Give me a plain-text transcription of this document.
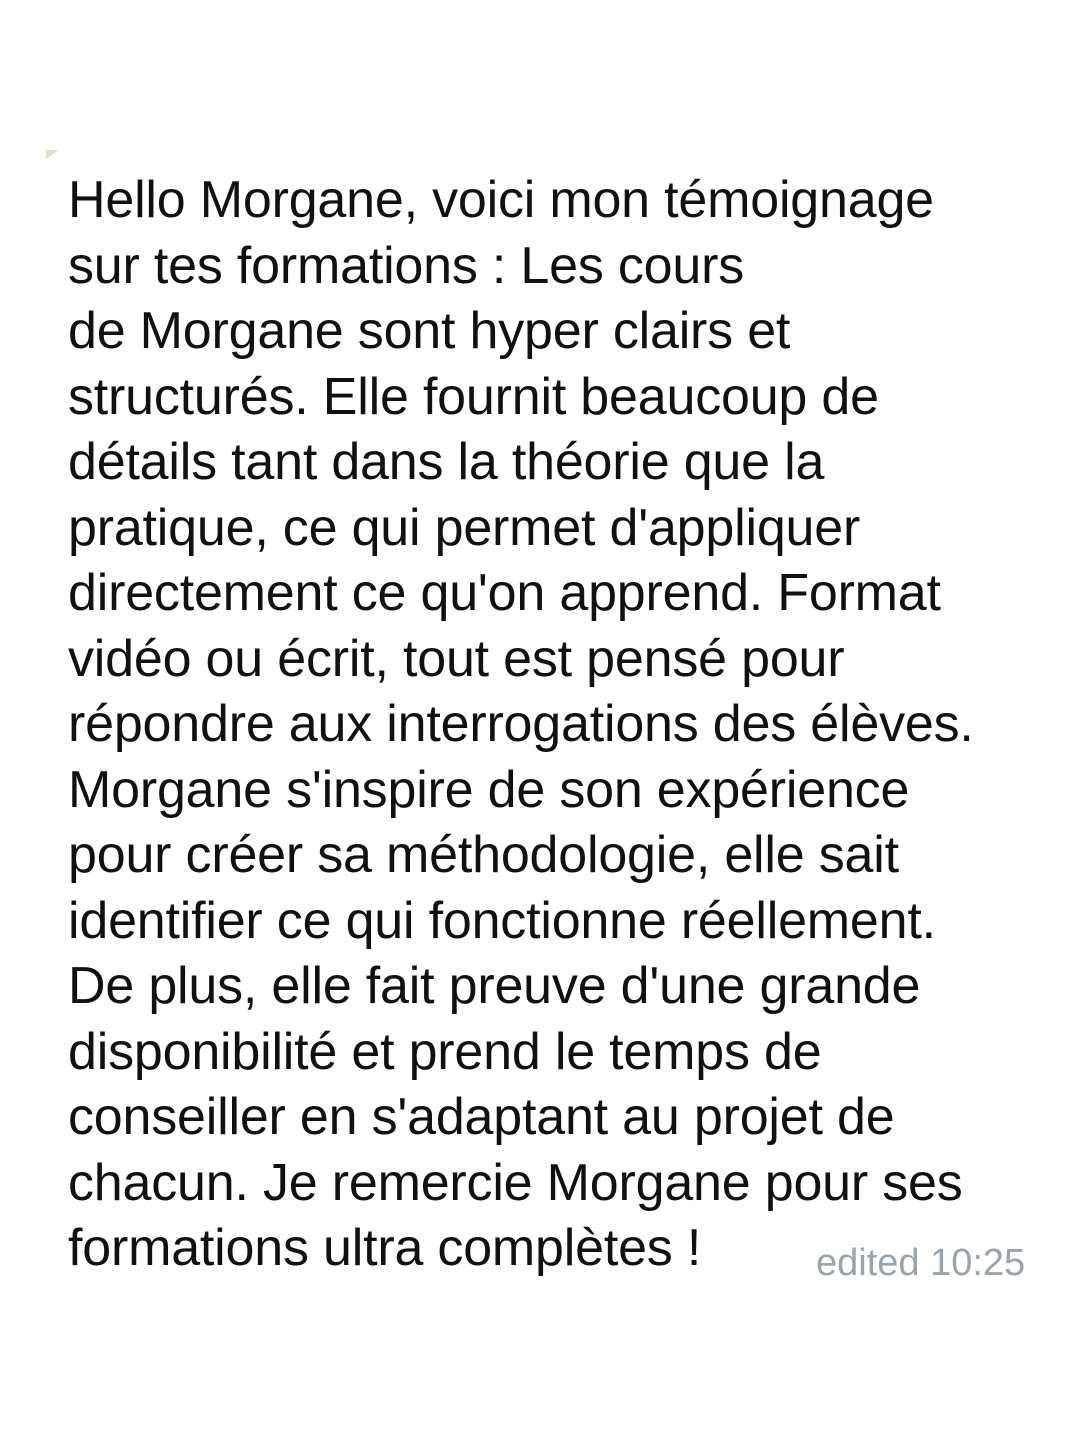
Hello Morgane, voici mon témoignage
sur tes formations : Les cours
de Morgane sont hyper clairs et
structurés. Elle fournit beaucoup de
détails tant dans la théorie que la
pratique, ce qui permet d'appliquer
directement ce qu'on apprend. Format
vidéo ou écrit, tout est pensé pour
répondre aux interrogations des élèves.
Morgane s'inspire de son expérience
pour créer sa méthodologie, elle sait
identifier ce qui fonctionne réellement.
De plus, elle fait preuve d'une grande
disponibilité et prend le temps de
conseiller en s'adaptant au projet de
chacun. Je remercie Morgane pour ses
formations ultra complètes !	edited 10:25
